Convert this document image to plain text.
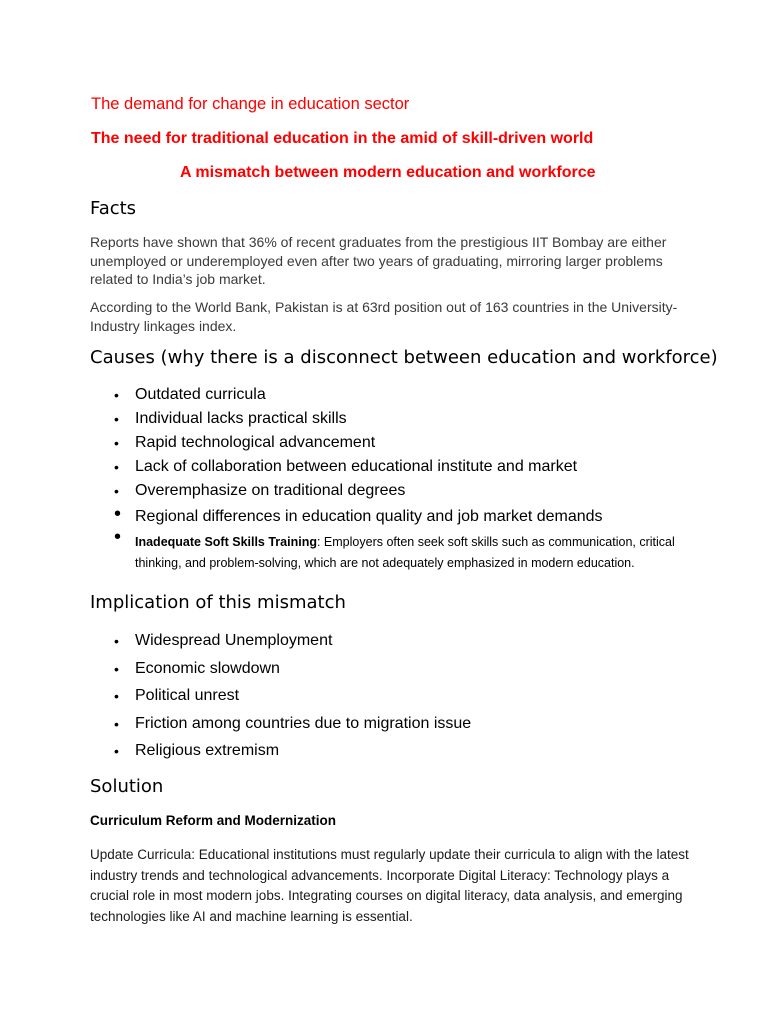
The demand for change in education sector
The need for traditional education in the amid of skill-driven world
A mismatch between modern education and workforce
Facts
Reports have shown that 36% of recent graduates from the prestigious IIT Bombay are either unemployed or underemployed even after two years of graduating, mirroring larger problems related to India’s job market.
According to the World Bank, Pakistan is at 63rd position out of 163 countries in the University-Industry linkages index.
Causes (why there is a disconnect between education and workforce)
• Outdated curricula
• Individual lacks practical skills
• Rapid technological advancement
• Lack of collaboration between educational institute and market
• Overemphasize on traditional degrees
• Regional differences in education quality and job market demands
• Inadequate Soft Skills Training: Employers often seek soft skills such as communication, critical thinking, and problem-solving, which are not adequately emphasized in modern education.
Implication of this mismatch
• Widespread Unemployment
• Economic slowdown
• Political unrest
• Friction among countries due to migration issue
• Religious extremism
Solution
Curriculum Reform and Modernization
Update Curricula: Educational institutions must regularly update their curricula to align with the latest industry trends and technological advancements. Incorporate Digital Literacy: Technology plays a crucial role in most modern jobs. Integrating courses on digital literacy, data analysis, and emerging technologies like AI and machine learning is essential.
